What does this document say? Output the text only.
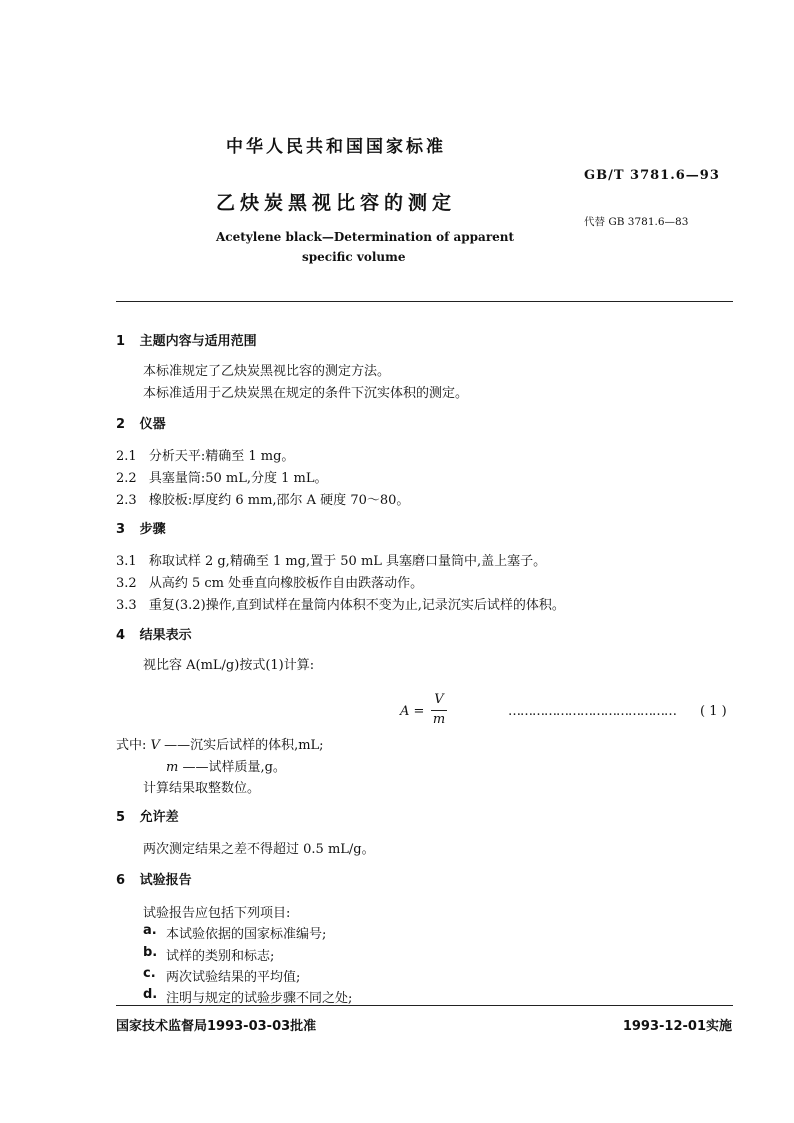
中华人民共和国国家标准
GB/T 3781.6—93
乙炔炭黑视比容的测定
代替 GB 3781.6—83
Acetylene black—Determination of apparent
specific volume
1 主题内容与适用范围
本标准规定了乙炔炭黑视比容的测定方法。
本标准适用于乙炔炭黑在规定的条件下沉实体积的测定。
2 仪器
2.1 分析天平:精确至 1 mg。
2.2 具塞量筒:50 mL,分度 1 mL。
2.3 橡胶板:厚度约 6 mm,邵尔 A 硬度 70～80。
3 步骤
3.1 称取试样 2 g,精确至 1 mg,置于 50 mL 具塞磨口量筒中,盖上塞子。
3.2 从高约 5 cm 处垂直向橡胶板作自由跌落动作。
3.3 重复(3.2)操作,直到试样在量筒内体积不变为止,记录沉实后试样的体积。
4 结果表示
视比容 A(mL/g)按式(1)计算:
A =
V
m
…………………………………… ( 1 )
式中: V ——沉实后试样的体积,mL;
m ——试样质量,g。
计算结果取整数位。
5 允许差
两次测定结果之差不得超过 0.5 mL/g。
6 试验报告
试验报告应包括下列项目:
a. 本试验依据的国家标准编号;
b. 试样的类别和标志;
c. 两次试验结果的平均值;
d. 注明与规定的试验步骤不同之处;
国家技术监督局1993-03-03批准	1993-12-01实施
